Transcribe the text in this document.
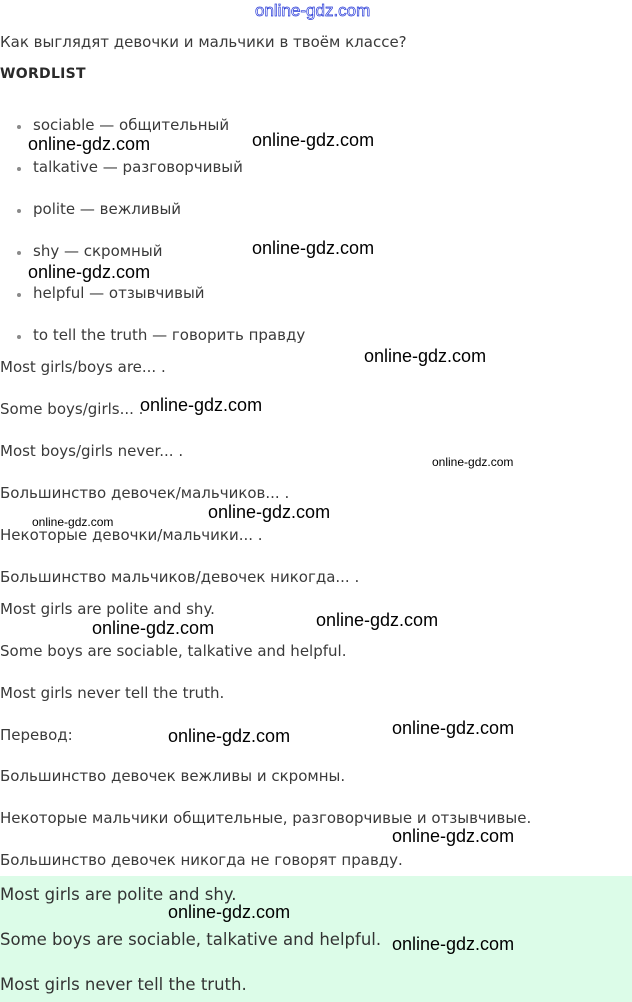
online-gdz.com
Как выглядят девочки и мальчики в твоём классе?
WORDLIST
sociable — общительный
talkative — разговорчивый
polite — вежливый
shy — скромный
helpful — отзывчивый
to tell the truth — говорить правду
Most girls/boys are... .
Some boys/girls... .
Most boys/girls never... .
Большинство девочек/мальчиков... .
Некоторые девочки/мальчики... .
Большинство мальчиков/девочек никогда... .
Most girls are polite and shy.
Some boys are sociable, talkative and helpful.
Most girls never tell the truth.
Перевод:
Большинство девочек вежливы и скромны.
Некоторые мальчики общительные, разговорчивые и отзывчивые.
Большинство девочек никогда не говорят правду.
Most girls are polite and shy.
Some boys are sociable, talkative and helpful.
Most girls never tell the truth.
online-gdz.com	online-gdz.com
online-gdz.com
online-gdz.com
online-gdz.com
online-gdz.com
online-gdz.com
online-gdz.com
online-gdz.com
online-gdz.com
online-gdz.com
online-gdz.com
online-gdz.com
online-gdz.com
online-gdz.com
online-gdz.com
